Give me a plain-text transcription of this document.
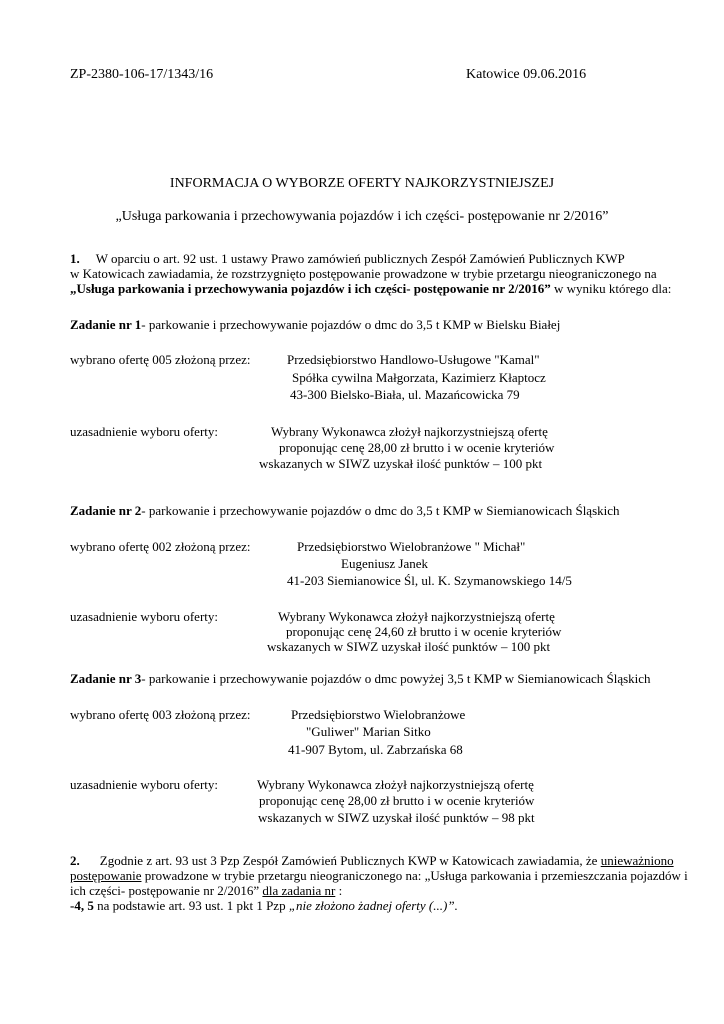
ZP-2380-106-17/1343/16	Katowice 09.06.2016
INFORMACJA O WYBORZE OFERTY NAJKORZYSTNIEJSZEJ
„Usługa parkowania i przechowywania pojazdów i ich części- postępowanie nr 2/2016”
1. W oparciu o art. 92 ust. 1 ustawy Prawo zamówień publicznych Zespół Zamówień Publicznych KWP
w Katowicach zawiadamia, że rozstrzygnięto postępowanie prowadzone w trybie przetargu nieograniczonego na
„Usługa parkowania i przechowywania pojazdów i ich części- postępowanie nr 2/2016” w wyniku którego dla:
Zadanie nr 1- parkowanie i przechowywanie pojazdów o dmc do 3,5 t KMP w Bielsku Białej
wybrano ofertę 005 złożoną przez:	Przedsiębiorstwo Handlowo-Usługowe "Kamal"
Spółka cywilna Małgorzata, Kazimierz Kłaptocz
43-300 Bielsko-Biała, ul. Mazańcowicka 79
uzasadnienie wyboru oferty:	Wybrany Wykonawca złożył najkorzystniejszą ofertę
proponując cenę 28,00 zł brutto i w ocenie kryteriów
wskazanych w SIWZ uzyskał ilość punktów – 100 pkt
Zadanie nr 2- parkowanie i przechowywanie pojazdów o dmc do 3,5 t KMP w Siemianowicach Śląskich
wybrano ofertę 002 złożoną przez:	Przedsiębiorstwo Wielobranżowe " Michał"
Eugeniusz Janek
41-203 Siemianowice Śl, ul. K. Szymanowskiego 14/5
uzasadnienie wyboru oferty:	Wybrany Wykonawca złożył najkorzystniejszą ofertę
proponując cenę 24,60 zł brutto i w ocenie kryteriów
wskazanych w SIWZ uzyskał ilość punktów – 100 pkt
Zadanie nr 3- parkowanie i przechowywanie pojazdów o dmc powyżej 3,5 t KMP w Siemianowicach Śląskich
wybrano ofertę 003 złożoną przez:	Przedsiębiorstwo Wielobranżowe
"Guliwer" Marian Sitko
41-907 Bytom, ul. Zabrzańska 68
uzasadnienie wyboru oferty:	Wybrany Wykonawca złożył najkorzystniejszą ofertę
proponując cenę 28,00 zł brutto i w ocenie kryteriów
wskazanych w SIWZ uzyskał ilość punktów – 98 pkt
2. Zgodnie z art. 93 ust 3 Pzp Zespół Zamówień Publicznych KWP w Katowicach zawiadamia, że unieważniono
postępowanie prowadzone w trybie przetargu nieograniczonego na: „Usługa parkowania i przemieszczania pojazdów i
ich części- postępowanie nr 2/2016” dla zadania nr :
-4, 5 na podstawie art. 93 ust. 1 pkt 1 Pzp „nie złożono żadnej oferty (...)”.
